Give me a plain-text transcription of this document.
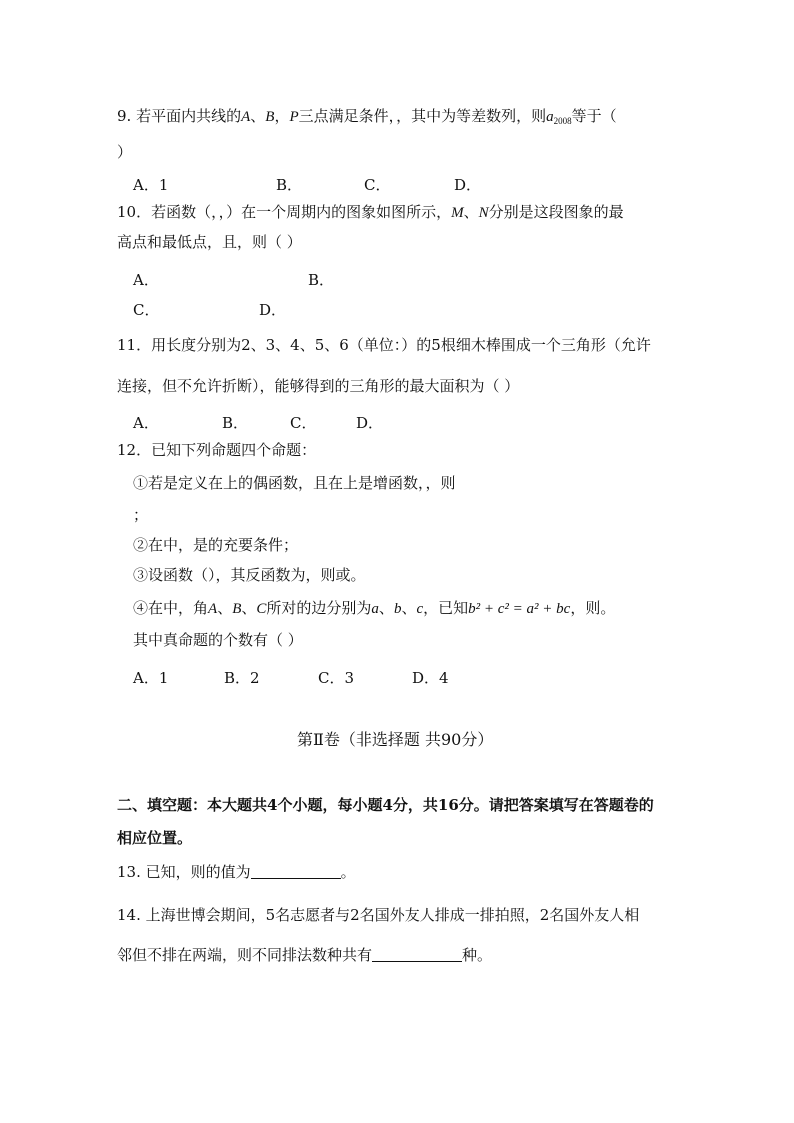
9. 若平面内共线的A、B，P三点满足条件，，其中为等差数列，则$a_{2008}$等于（
）
A．1	B．	C．	D．
10．若函数（，，）在一个周期内的图象如图所示，M、N分别是这段图象的最
高点和最低点，且，则（ ）
A．	B．
C．	D．
11．用长度分别为2、3、4、5、6（单位：）的5根细木棒围成一个三角形（允许
连接，但不允许折断），能够得到的三角形的最大面积为（ ）
A．	B．	C．	D．
12．已知下列命题四个命题：
①若是定义在上的偶函数，且在上是增函数，，则
；
②在中，是的充要条件；
③设函数（），其反函数为，则或。
④在中，角A、B、C所对的边分别为a、b、c，已知b² + c² = a² + bc，则。
其中真命题的个数有（ ）
A．1	B．2	C．3	D．4
第Ⅱ卷（非选择题 共90分）
二、填空题：本大题共4个小题，每小题4分，共16分。请把答案填写在答题卷的
相应位置。
13. 已知，则的值为	。
14. 上海世博会期间，5名志愿者与2名国外友人排成一排拍照，2名国外友人相
邻但不排在两端，则不同排法数种共有	种。
